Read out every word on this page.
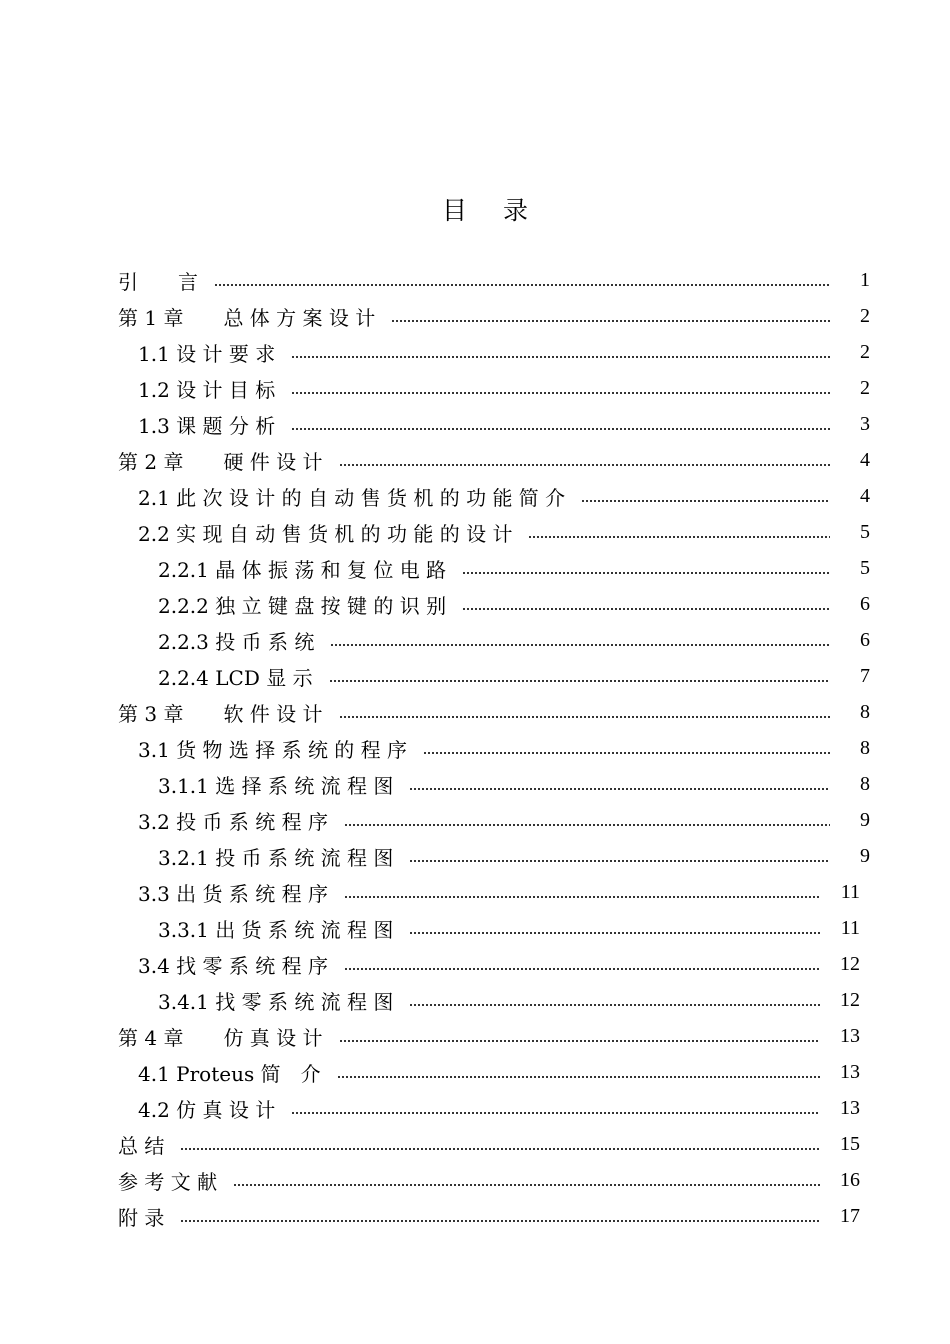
目 录
引　　言	1
第 1 章　　总 体 方 案 设 计	2
1.1 设 计 要 求	2
1.2 设 计 目 标	2
1.3 课 题 分 析	3
第 2 章　　硬 件 设 计	4
2.1 此 次 设 计 的 自 动 售 货 机 的 功 能 简 介	4
2.2 实 现 自 动 售 货 机 的 功 能 的 设 计	5
2.2.1 晶 体 振 荡 和 复 位 电 路	5
2.2.2 独 立 键 盘 按 键 的 识 别	6
2.2.3 投 币 系 统	6
2.2.4 LCD 显 示	7
第 3 章　　软 件 设 计	8
3.1 货 物 选 择 系 统 的 程 序	8
3.1.1 选 择 系 统 流 程 图	8
3.2 投 币 系 统 程 序	9
3.2.1 投 币 系 统 流 程 图	9
3.3 出 货 系 统 程 序	11
3.3.1 出 货 系 统 流 程 图	11
3.4 找 零 系 统 程 序	12
3.4.1 找 零 系 统 流 程 图	12
第 4 章　　仿 真 设 计	13
4.1 Proteus 简　介	13
4.2 仿 真 设 计	13
总 结	15
参 考 文 献	16
附 录	17
